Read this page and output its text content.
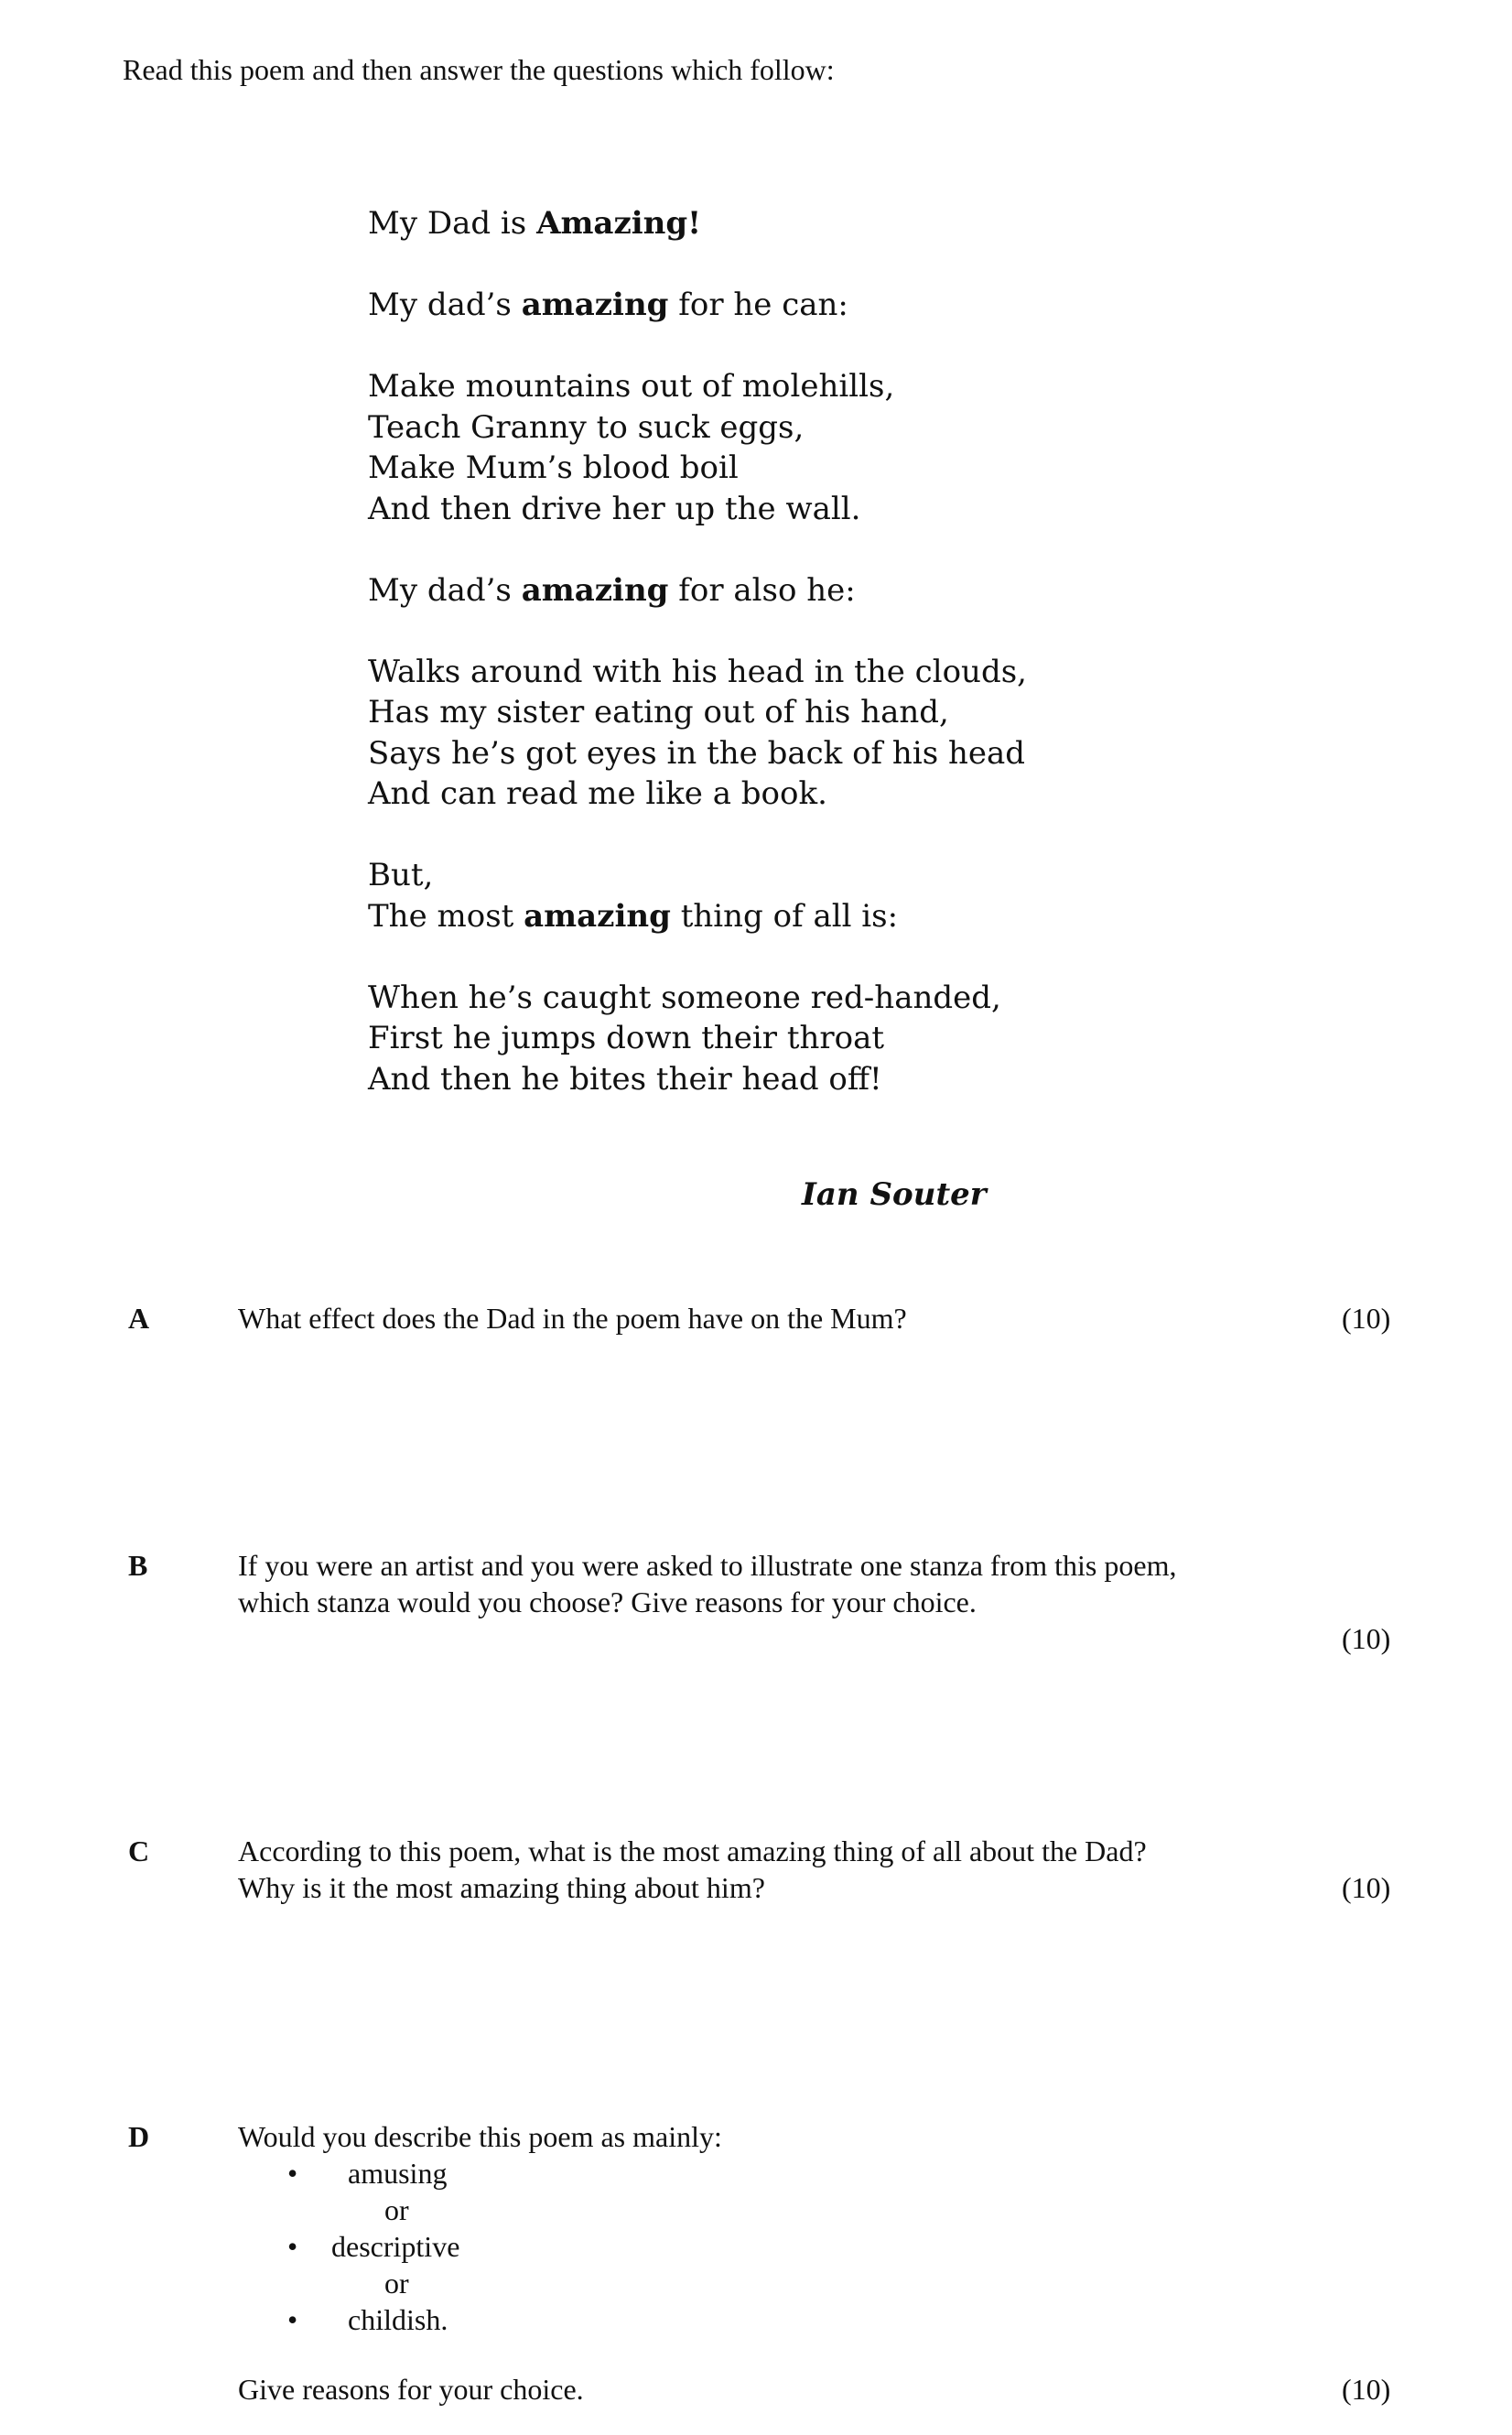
Read this poem and then answer the questions which follow:
My Dad is Amazing!
My dad’s amazing for he can:
Make mountains out of molehills,
Teach Granny to suck eggs,
Make Mum’s blood boil
And then drive her up the wall.
My dad’s amazing for also he:
Walks around with his head in the clouds,
Has my sister eating out of his hand,
Says he’s got eyes in the back of his head
And can read me like a book.
But,
The most amazing thing of all is:
When he’s caught someone red-handed,
First he jumps down their throat
And then he bites their head off!
Ian Souter
A	What effect does the Dad in the poem have on the Mum?	(10)
B	If you were an artist and you were asked to illustrate one stanza from this poem,
which stanza would you choose? Give reasons for your choice.
(10)
C	According to this poem, what is the most amazing thing of all about the Dad?
Why is it the most amazing thing about him?	(10)
D	Would you describe this poem as mainly:
• amusing
or
• descriptive
or
• childish.
Give reasons for your choice.	(10)
